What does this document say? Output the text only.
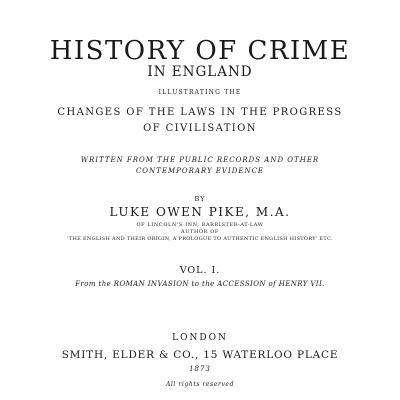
HISTORY OF CRIME
IN ENGLAND
ILLUSTRATING THE
CHANGES OF THE LAWS IN THE PROGRESS
OF CIVILISATION
WRITTEN FROM THE PUBLIC RECORDS AND OTHER
CONTEMPORARY EVIDENCE
BY
LUKE OWEN PIKE, M.A.
OF LINCOLN'S INN, BARRISTER-AT-LAW
AUTHOR OF
'THE ENGLISH AND THEIR ORIGIN, A PROLOGUE TO AUTHENTIC ENGLISH HISTORY' ETC.
VOL. I.
From the ROMAN INVASION to the ACCESSION of HENRY VII.
LONDON
SMITH, ELDER & CO., 15 WATERLOO PLACE
1873
All rights reserved
